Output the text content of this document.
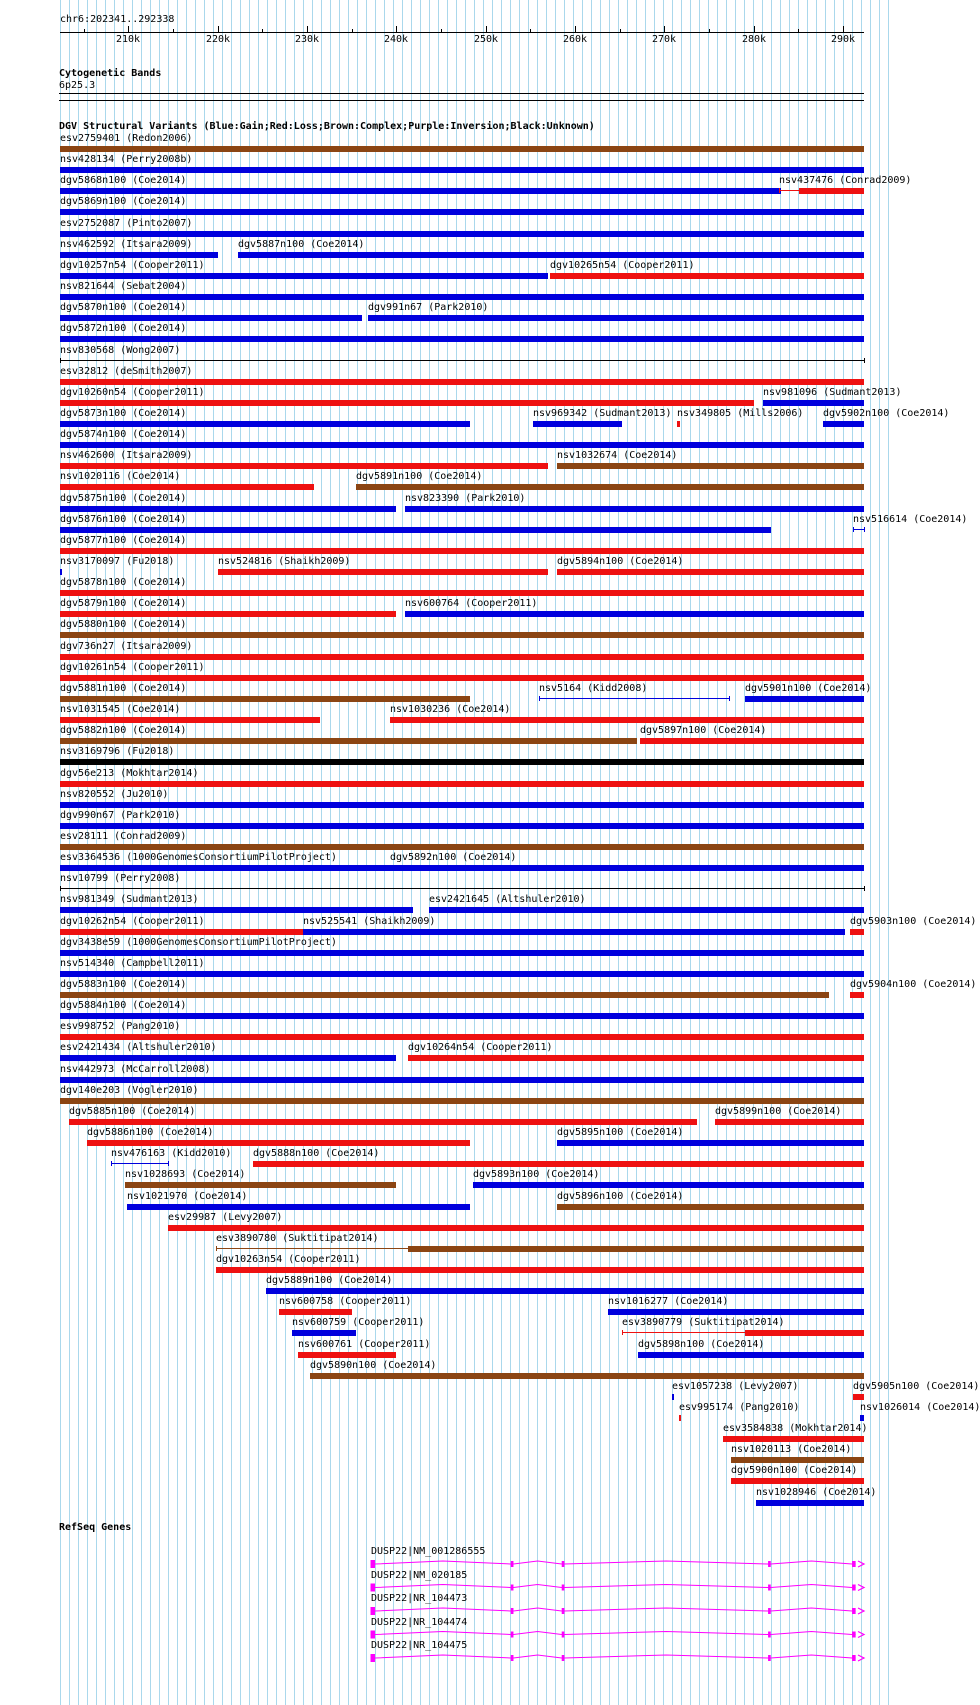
chr6:202341..292338
210k	220k	230k	240k	250k	260k	270k	280k	290k
Cytogenetic Bands
6p25.3
DGV Structural Variants (Blue:Gain;Red:Loss;Brown:Complex;Purple:Inversion;Black:Unknown)
esv2759401 (Redon2006)
nsv428134 (Perry2008b)
dgv5868n100 (Coe2014)	nsv437476 (Conrad2009)
dgv5869n100 (Coe2014)
esv2752087 (Pinto2007)
nsv462592 (Itsara2009)	dgv5887n100 (Coe2014)
dgv10257n54 (Cooper2011)	dgv10265n54 (Cooper2011)
nsv821644 (Sebat2004)
dgv5870n100 (Coe2014)	dgv991n67 (Park2010)
dgv5872n100 (Coe2014)
nsv830568 (Wong2007)
esv32812 (deSmith2007)
dgv10260n54 (Cooper2011)	nsv981096 (Sudmant2013)
dgv5873n100 (Coe2014)	nsv969342 (Sudmant2013) nsv349805 (Mills2006) dgv5902n100 (Coe2014)
dgv5874n100 (Coe2014)
nsv462600 (Itsara2009)	nsv1032674 (Coe2014)
nsv1020116 (Coe2014)	dgv5891n100 (Coe2014)
dgv5875n100 (Coe2014)	nsv823390 (Park2010)
dgv5876n100 (Coe2014)	nsv516614 (Coe2014)
dgv5877n100 (Coe2014)
nsv3170097 (Fu2018)	nsv524816 (Shaikh2009)	dgv5894n100 (Coe2014)
dgv5878n100 (Coe2014)
dgv5879n100 (Coe2014)	nsv600764 (Cooper2011)
dgv5880n100 (Coe2014)
dgv736n27 (Itsara2009)
dgv10261n54 (Cooper2011)
dgv5881n100 (Coe2014)	nsv5164 (Kidd2008)	dgv5901n100 (Coe2014)
nsv1031545 (Coe2014)	nsv1030236 (Coe2014)
dgv5882n100 (Coe2014)	dgv5897n100 (Coe2014)
nsv3169796 (Fu2018)
dgv56e213 (Mokhtar2014)
nsv820552 (Ju2010)
dgv990n67 (Park2010)
esv28111 (Conrad2009)
esv3364536 (1000GenomesConsortiumPilotProject)	dgv5892n100 (Coe2014)
nsv10799 (Perry2008)
nsv981349 (Sudmant2013)	esv2421645 (Altshuler2010)
dgv10262n54 (Cooper2011)	nsv525541 (Shaikh2009)	dgv5903n100 (Coe2014)
dgv3438e59 (1000GenomesConsortiumPilotProject)
nsv514340 (Campbell2011)
dgv5883n100 (Coe2014)	dgv5904n100 (Coe2014)
dgv5884n100 (Coe2014)
esv998752 (Pang2010)
esv2421434 (Altshuler2010)	dgv10264n54 (Cooper2011)
nsv442973 (McCarroll2008)
dgv140e203 (Vogler2010)
dgv5885n100 (Coe2014)	dgv5899n100 (Coe2014)
dgv5886n100 (Coe2014)	dgv5895n100 (Coe2014)
nsv476163 (Kidd2010) dgv5888n100 (Coe2014)
nsv1028693 (Coe2014)	dgv5893n100 (Coe2014)
nsv1021970 (Coe2014)	dgv5896n100 (Coe2014)
esv29987 (Levy2007)
esv3890780 (Suktitipat2014)
dgv10263n54 (Cooper2011)
dgv5889n100 (Coe2014)
nsv600758 (Cooper2011)	nsv1016277 (Coe2014)
nsv600759 (Cooper2011)	esv3890779 (Suktitipat2014)
nsv600761 (Cooper2011)	dgv5898n100 (Coe2014)
dgv5890n100 (Coe2014)
esv1057238 (Levy2007)	dgv5905n100 (Coe2014)
esv995174 (Pang2010)	nsv1026014 (Coe2014)
esv3584838 (Mokhtar2014)
nsv1020113 (Coe2014)
dgv5900n100 (Coe2014)
nsv1028946 (Coe2014)
RefSeq Genes
DUSP22|NM_001286555
DUSP22|NM_020185
DUSP22|NR_104473
DUSP22|NR_104474
DUSP22|NR_104475
